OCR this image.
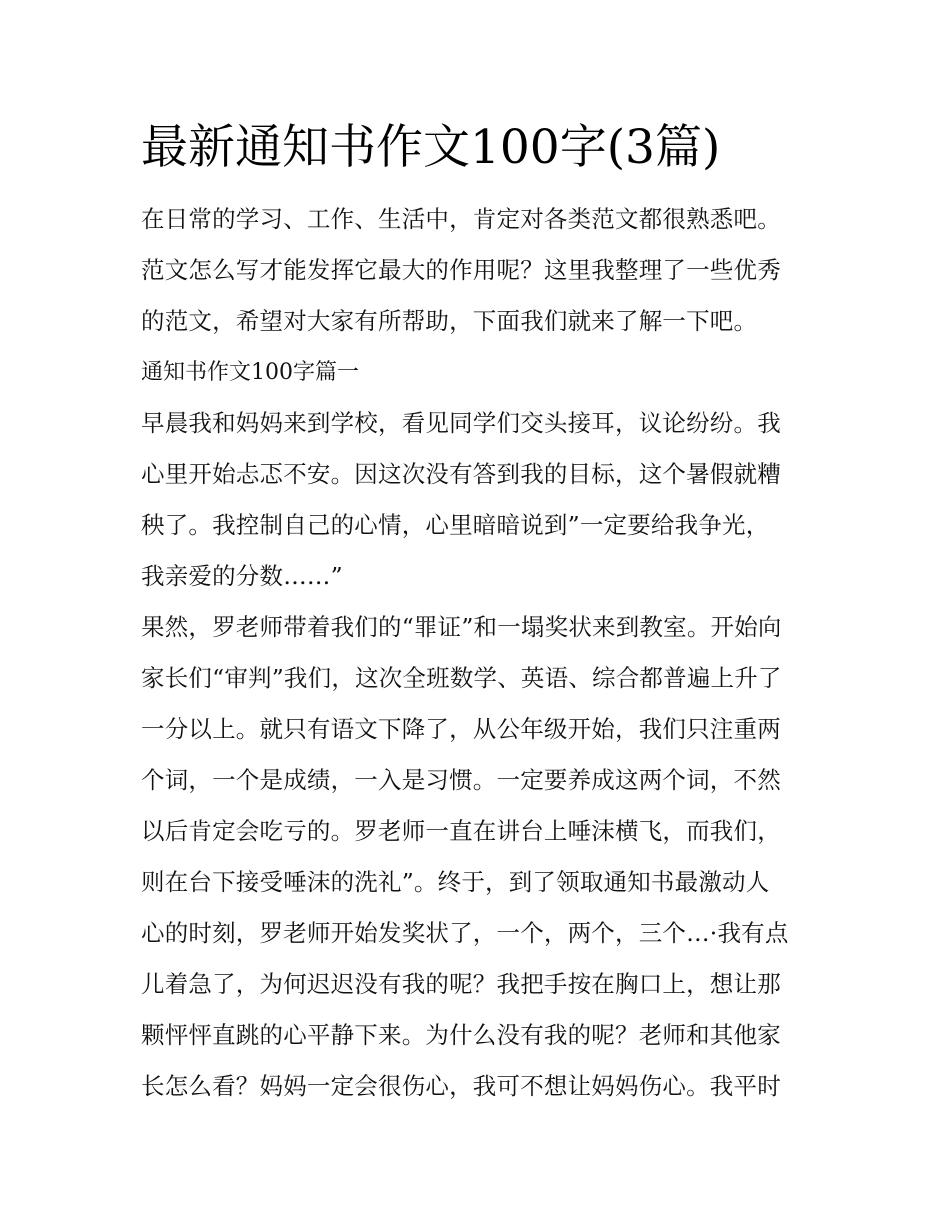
最新通知书作文100字(3篇)

在日常的学习、工作、生活中，肯定对各类范文都很熟悉吧。

范文怎么写才能发挥它最大的作用呢？这里我整理了一些优秀

的范文，希望对大家有所帮助，下面我们就来了解一下吧。

通知书作文100字篇一

早晨我和妈妈来到学校，看见同学们交头接耳，议论纷纷。我

心里开始忐忑不安。因这次没有答到我的目标，这个暑假就糟

秧了。我控制自己的心情，心里暗暗说到”一定要给我争光，

我亲爱的分数……”

果然，罗老师带着我们的“罪证”和一塌奖状来到教室。开始向

家长们“审判”我们，这次全班数学、英语、综合都普遍上升了

一分以上。就只有语文下降了，从公年级开始，我们只注重两

个词，一个是成绩，一入是习惯。一定要养成这两个词，不然

以后肯定会吃亏的。罗老师一直在讲台上唾沫横飞，而我们，

则在台下接受唾沫的洗礼”。终于，到了领取通知书最激动人

心的时刻，罗老师开始发奖状了，一个，两个，三个…·我有点

儿着急了，为何迟迟没有我的呢？我把手按在胸口上，想让那

颗怦怦直跳的心平静下来。为什么没有我的呢？老师和其他家

长怎么看？妈妈一定会很伤心，我可不想让妈妈伤心。我平时
